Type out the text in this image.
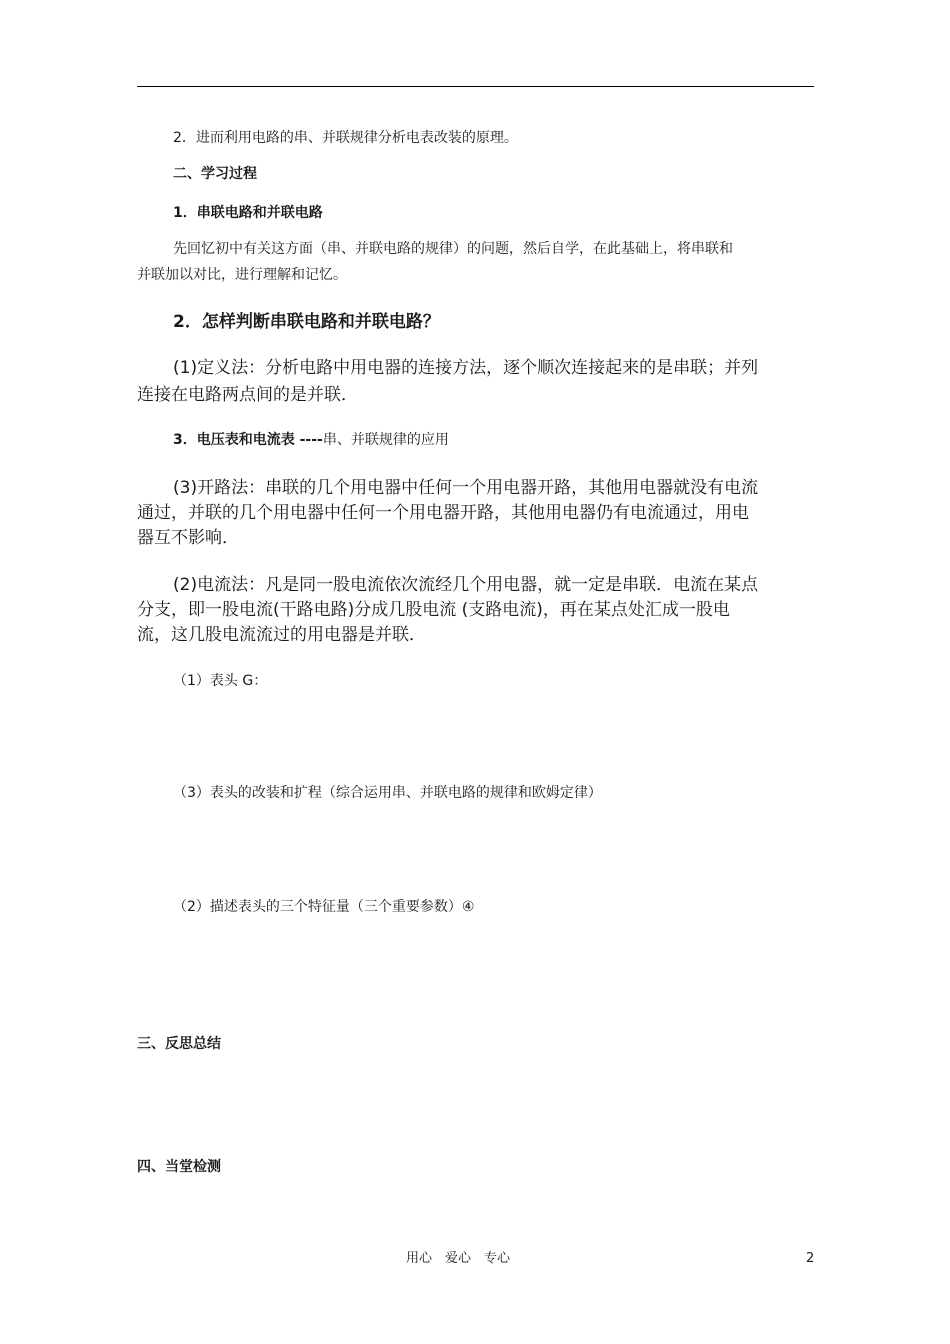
2．进而利用电路的串、并联规律分析电表改装的原理。
二、学习过程
1．串联电路和并联电路
先回忆初中有关这方面（串、并联电路的规律）的问题，然后自学，在此基础上，将串联和
并联加以对比，进行理解和记忆。
2．怎样判断串联电路和并联电路？
(1)定义法：分析电路中用电器的连接方法，逐个顺次连接起来的是串联；并列
连接在电路两点间的是并联．
3．电压表和电流表 ----串、并联规律的应用
(3)开路法：串联的几个用电器中任何一个用电器开路，其他用电器就没有电流
通过，并联的几个用电器中任何一个用电器开路，其他用电器仍有电流通过，用电
器互不影响．
(2)电流法：凡是同一股电流依次流经几个用电器，就一定是串联．电流在某点
分支，即一股电流(干路电路)分成几股电流 (支路电流)，再在某点处汇成一股电
流，这几股电流流过的用电器是并联．
（1）表头 G：
（3）表头的改装和扩程（综合运用串、并联电路的规律和欧姆定律）
（2）描述表头的三个特征量（三个重要参数）④
三、反思总结
四、当堂检测
用心　爱心　专心	2
